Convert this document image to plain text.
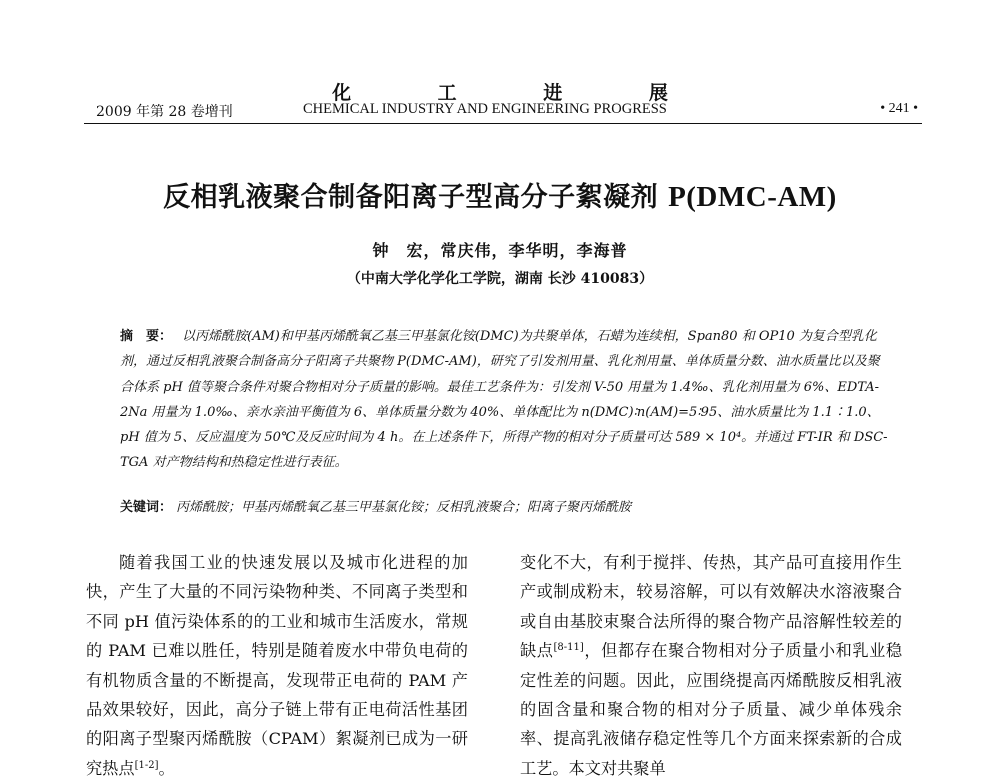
化 工 进 展
2009 年第 28 卷增刊	CHEMICAL INDUSTRY AND ENGINEERING PROGRESS	• 241 •
反相乳液聚合制备阳离子型高分子絮凝剂 P(DMC-AM)
钟　宏，常庆伟，李华明，李海普
（中南大学化学化工学院，湖南 长沙 410083）
摘　要： 以丙烯酰胺(AM)和甲基丙烯酰氧乙基三甲基氯化铵(DMC)为共聚单体，石蜡为连续相，Span80 和 OP10 为复合型乳化剂，通过反相乳液聚合制备高分子阳离子共聚物 P(DMC-AM)，研究了引发剂用量、乳化剂用量、单体质量分数、油水质量比以及聚合体系 pH 值等聚合条件对聚合物相对分子质量的影响。最佳工艺条件为：引发剂 V-50 用量为 1.4‰、乳化剂用量为 6%、EDTA-2Na 用量为 1.0‰、亲水亲油平衡值为 6、单体质量分数为 40%、单体配比为 n(DMC)∶n(AM)=5∶95、油水质量比为 1.1∶1.0、pH 值为 5、反应温度为 50℃及反应时间为 4 h。在上述条件下，所得产物的相对分子质量可达 589 × 10⁴。并通过 FT-IR 和 DSC-TGA 对产物结构和热稳定性进行表征。
关键词： 丙烯酰胺；甲基丙烯酰氧乙基三甲基氯化铵；反相乳液聚合；阳离子聚丙烯酰胺
随着我国工业的快速发展以及城市化进程的加快，产生了大量的不同污染物种类、不同离子类型和不同 pH 值污染体系的的工业和城市生活废水，常规的 PAM 已难以胜任，特别是随着废水中带负电荷的有机物质含量的不断提高，发现带正电荷的 PAM 产品效果较好，因此，高分子链上带有正电荷活性基团的阳离子型聚丙烯酰胺（CPAM）絮凝剂已成为一研究热点[1-2]。
变化不大，有利于搅拌、传热，其产品可直接用作生产或制成粉末，较易溶解，可以有效解决水溶液聚合或自由基胶束聚合法所得的聚合物产品溶解性较差的缺点[8-11]，但都存在聚合物相对分子质量小和乳业稳定性差的问题。因此，应围绕提高丙烯酰胺反相乳液的固含量和聚合物的相对分子质量、减少单体残余率、提高乳液储存稳定性等几个方面来探索新的合成工艺。本文对共聚单
